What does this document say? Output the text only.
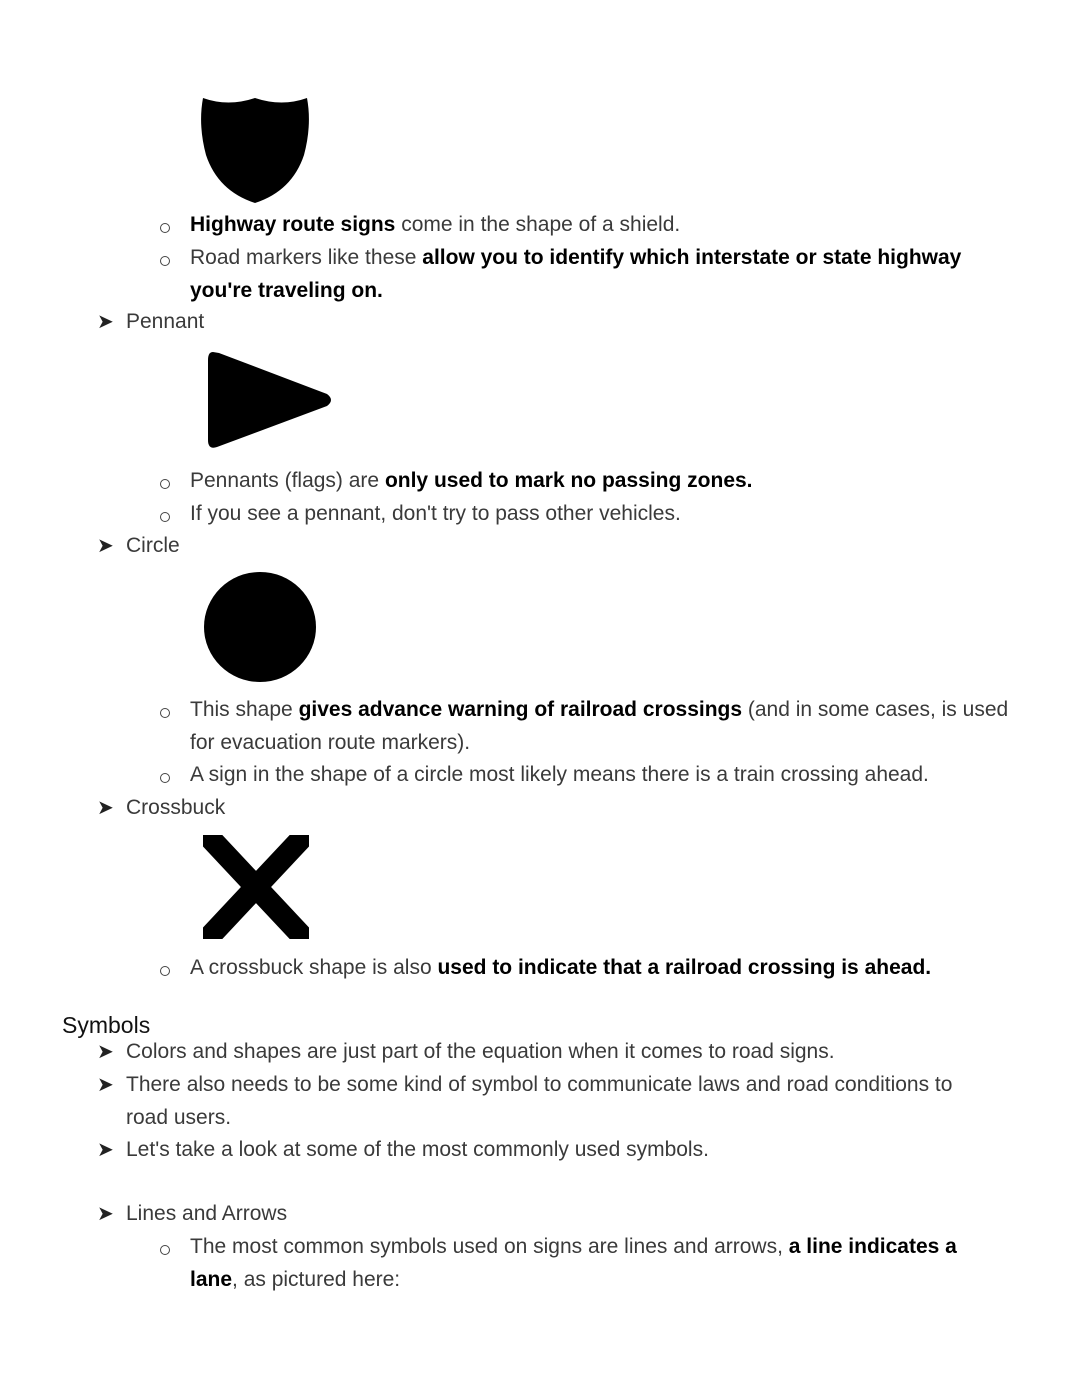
Highway route signs come in the shape of a shield.
Road markers like these allow you to identify which interstate or state highway
you're traveling on.
➤ Pennant
Pennants (flags) are only used to mark no passing zones.
If you see a pennant, don't try to pass other vehicles.
➤ Circle
This shape gives advance warning of railroad crossings (and in some cases, is used
for evacuation route markers).
A sign in the shape of a circle most likely means there is a train crossing ahead.
➤ Crossbuck
A crossbuck shape is also used to indicate that a railroad crossing is ahead.
Symbols
➤ Colors and shapes are just part of the equation when it comes to road signs.
➤ There also needs to be some kind of symbol to communicate laws and road conditions to
road users.
➤ Let's take a look at some of the most commonly used symbols.
➤ Lines and Arrows
The most common symbols used on signs are lines and arrows, a line indicates a
lane, as pictured here:
